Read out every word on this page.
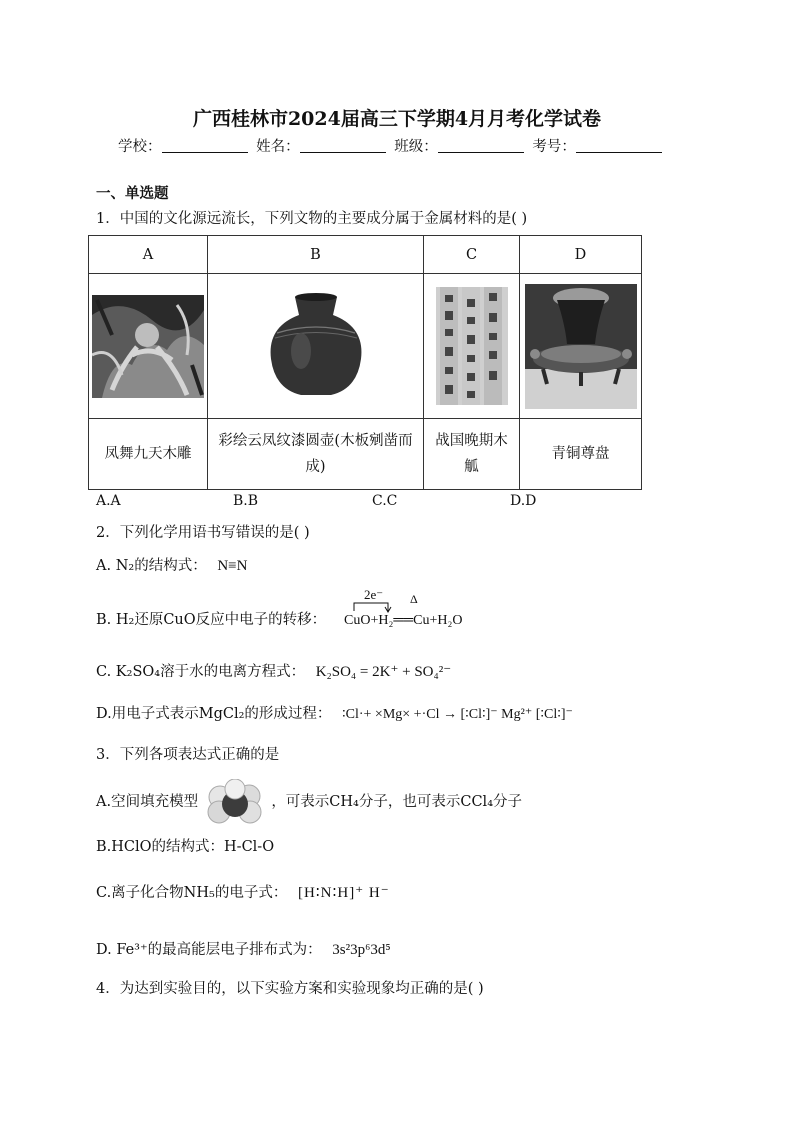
广西桂林市2024届高三下学期4月月考化学试卷
学校：	姓名：	班级：	考号：
一、单选题
1．中国的文化源远流长，下列文物的主要成分属于金属材料的是( )
A	B	C	D

凤舞九天木雕	彩绘云凤纹漆圆壶(木板剜凿而成)	战国晚期木觚	青铜尊盘
A.A	B.B	C.C	D.D
2．下列化学用语书写错误的是( )
A. N₂的结构式： N≡N
B. H₂还原CuO反应中电子的转移：
2e⁻ Δ
CuO+H₂══Cu+H₂O
C. K₂SO₄溶于水的电离方程式： K₂SO₄ = 2K⁺ + SO₄²⁻
D.用电子式表示MgCl₂的形成过程： ∶Cl·+ ×Mg× +·Cl → [∶Cl∶]⁻ Mg²⁺ [∶Cl∶]⁻
3．下列各项表达式正确的是
A.空间填充模型	，可表示CH₄分子，也可表示CCl₄分子
B.HClO的结构式：H-Cl-O
C.离子化合物NH₅的电子式： [H∶N∶H]⁺ H⁻
D. Fe³⁺的最高能层电子排布式为： 3s²3p⁶3d⁵
4．为达到实验目的，以下实验方案和实验现象均正确的是( )
